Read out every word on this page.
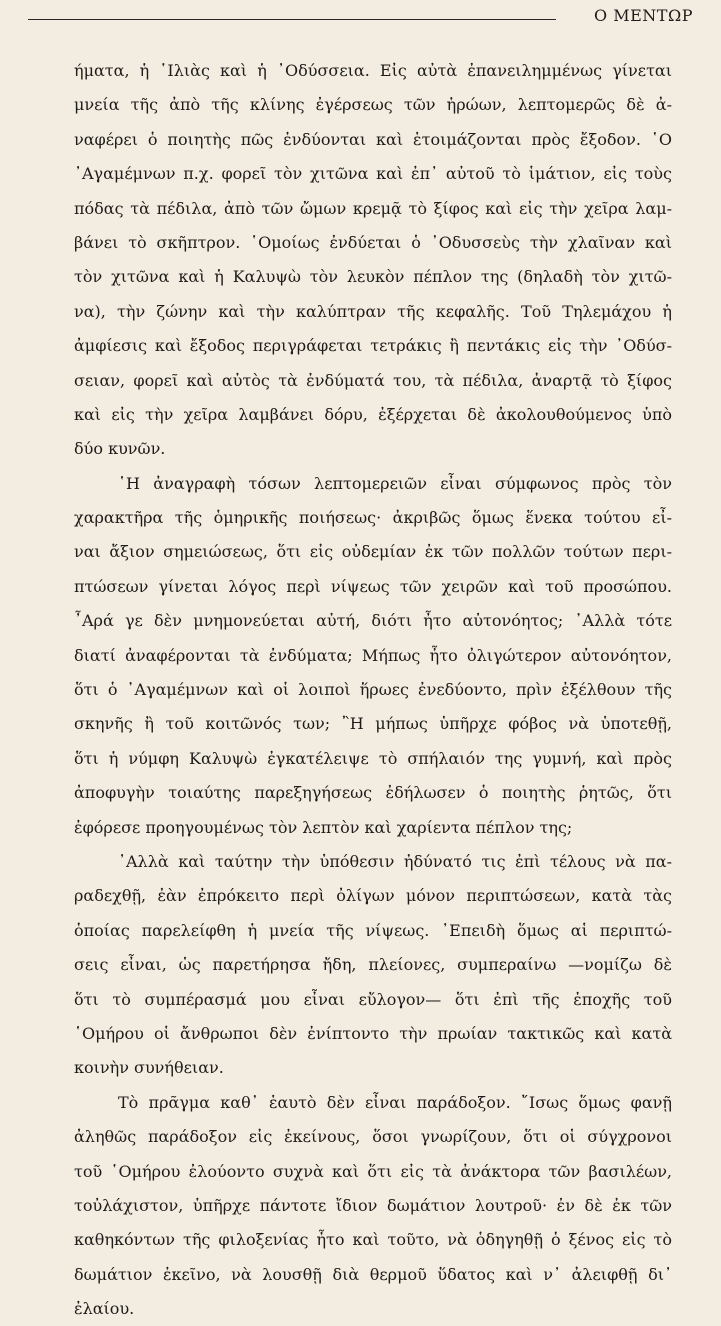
Ο ΜΕΝΤΩΡ
ήματα, ἡ ῾Ιλιὰς καὶ ἡ ᾿Οδύσσεια. Εἰς αὐτὰ ἐπανειλημμένως γίνεται
μνεία τῆς ἀπὸ τῆς κλίνης ἐγέρσεως τῶν ἡρώων, λεπτομερῶς δὲ ἀ-
ναφέρει ὁ ποιητὴς πῶς ἐνδύονται καὶ ἑτοιμάζονται πρὸς ἔξοδον. ῾Ο
᾿Αγαμέμνων π.χ. φορεῖ τὸν χιτῶνα καὶ ἐπ᾿ αὐτοῦ τὸ ἱμάτιον, εἰς τοὺς
πόδας τὰ πέδιλα, ἀπὸ τῶν ὤμων κρεμᾷ τὸ ξίφος καὶ εἰς τὴν χεῖρα λαμ-
βάνει τὸ σκῆπτρον. ῾Ομοίως ἐνδύεται ὁ ᾿Οδυσσεὺς τὴν χλαῖναν καὶ
τὸν χιτῶνα καὶ ἡ Καλυψὼ τὸν λευκὸν πέπλον της (δηλαδὴ τὸν χιτῶ-
να), τὴν ζώνην καὶ τὴν καλύπτραν τῆς κεφαλῆς. Τοῦ Τηλεμάχου ἡ
ἀμφίεσις καὶ ἔξοδος περιγράφεται τετράκις ἢ πεντάκις εἰς τὴν ᾿Οδύσ-
σειαν, φορεῖ καὶ αὐτὸς τὰ ἐνδύματά του, τὰ πέδιλα, ἀναρτᾷ τὸ ξίφος
καὶ εἰς τὴν χεῖρα λαμβάνει δόρυ, ἐξέρχεται δὲ ἀκολουθούμενος ὑπὸ
δύο κυνῶν.
῾Η ἀναγραφὴ τόσων λεπτομερειῶν εἶναι σύμφωνος πρὸς τὸν
χαρακτῆρα τῆς ὁμηρικῆς ποιήσεως· ἀκριβῶς ὅμως ἕνεκα τούτου εἶ-
ναι ἄξιον σημειώσεως, ὅτι εἰς οὐδεμίαν ἐκ τῶν πολλῶν τούτων περι-
πτώσεων γίνεται λόγος περὶ νίψεως τῶν χειρῶν καὶ τοῦ προσώπου.
῏Αρά γε δὲν μνημονεύεται αὐτή, διότι ἦτο αὐτονόητος; ᾿Αλλὰ τότε
διατί ἀναφέρονται τὰ ἐνδύματα; Μήπως ἦτο ὀλιγώτερον αὐτονόητον,
ὅτι ὁ ᾿Αγαμέμνων καὶ οἱ λοιποὶ ἥρωες ἐνεδύοντο, πρὶν ἐξέλθουν τῆς
σκηνῆς ἢ τοῦ κοιτῶνός των; ῍Η μήπως ὑπῆρχε φόβος νὰ ὑποτεθῇ,
ὅτι ἡ νύμφη Καλυψὼ ἐγκατέλειψε τὸ σπήλαιόν της γυμνή, καὶ πρὸς
ἀποφυγὴν τοιαύτης παρεξηγήσεως ἐδήλωσεν ὁ ποιητὴς ῥητῶς, ὅτι
ἐφόρεσε προηγουμένως τὸν λεπτὸν καὶ χαρίεντα πέπλον της;
᾿Αλλὰ καὶ ταύτην τὴν ὑπόθεσιν ἠδύνατό τις ἐπὶ τέλους νὰ πα-
ραδεχθῇ, ἐὰν ἐπρόκειτο περὶ ὀλίγων μόνον περιπτώσεων, κατὰ τὰς
ὁποίας παρελείφθη ἡ μνεία τῆς νίψεως. ᾿Επειδὴ ὅμως αἱ περιπτώ-
σεις εἶναι, ὡς παρετήρησα ἤδη, πλείονες, συμπεραίνω —νομίζω δὲ
ὅτι τὸ συμπέρασμά μου εἶναι εὔλογον— ὅτι ἐπὶ τῆς ἐποχῆς τοῦ
῾Ομήρου οἱ ἄνθρωποι δὲν ἐνίπτοντο τὴν πρωίαν τακτικῶς καὶ κατὰ
κοινὴν συνήθειαν.
Τὸ πρᾶγμα καθ᾿ ἑαυτὸ δὲν εἶναι παράδοξον. ῎Ισως ὅμως φανῇ
ἀληθῶς παράδοξον εἰς ἐκείνους, ὅσοι γνωρίζουν, ὅτι οἱ σύγχρονοι
τοῦ ῾Ομήρου ἐλούοντο συχνὰ καὶ ὅτι εἰς τὰ ἀνάκτορα τῶν βασιλέων,
τοὐλάχιστον, ὑπῆρχε πάντοτε ἴδιον δωμάτιον λουτροῦ· ἐν δὲ ἐκ τῶν
καθηκόντων τῆς φιλοξενίας ἦτο καὶ τοῦτο, νὰ ὁδηγηθῇ ὁ ξένος εἰς τὸ
δωμάτιον ἐκεῖνο, νὰ λουσθῇ διὰ θερμοῦ ὕδατος καὶ ν᾿ ἀλειφθῇ δι᾿
ἐλαίου.
